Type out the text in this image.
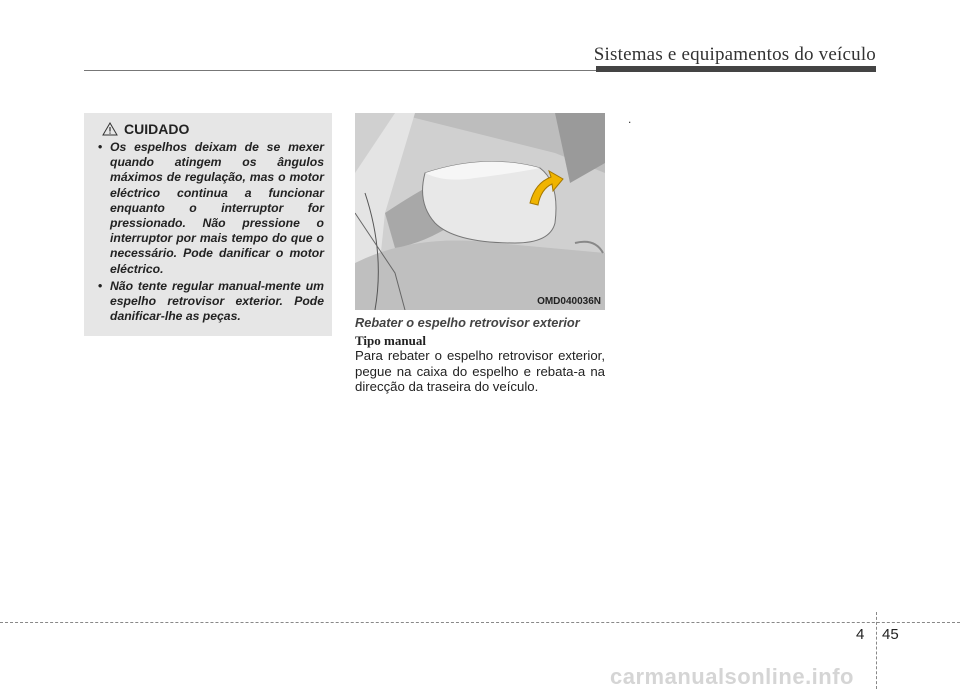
Sistemas e equipamentos do veículo
CUIDADO
• Os espelhos deixam de se mexer quando atingem os ângulos máximos de regulação, mas o motor eléctrico continua a funcionar enquanto o interruptor for pressionado. Não pressione o interruptor por mais tempo do que o necessário. Pode danificar o motor eléctrico.
• Não tente regular manual-mente um espelho retrovisor exterior. Pode danificar-lhe as peças.
OMD040036N
Rebater o espelho retrovisor exterior
Tipo manual

Para rebater o espelho retrovisor exterior, pegue na caixa do espelho e rebata-a na direcção da traseira do veículo.

.
4 45
carmanualsonline.info
